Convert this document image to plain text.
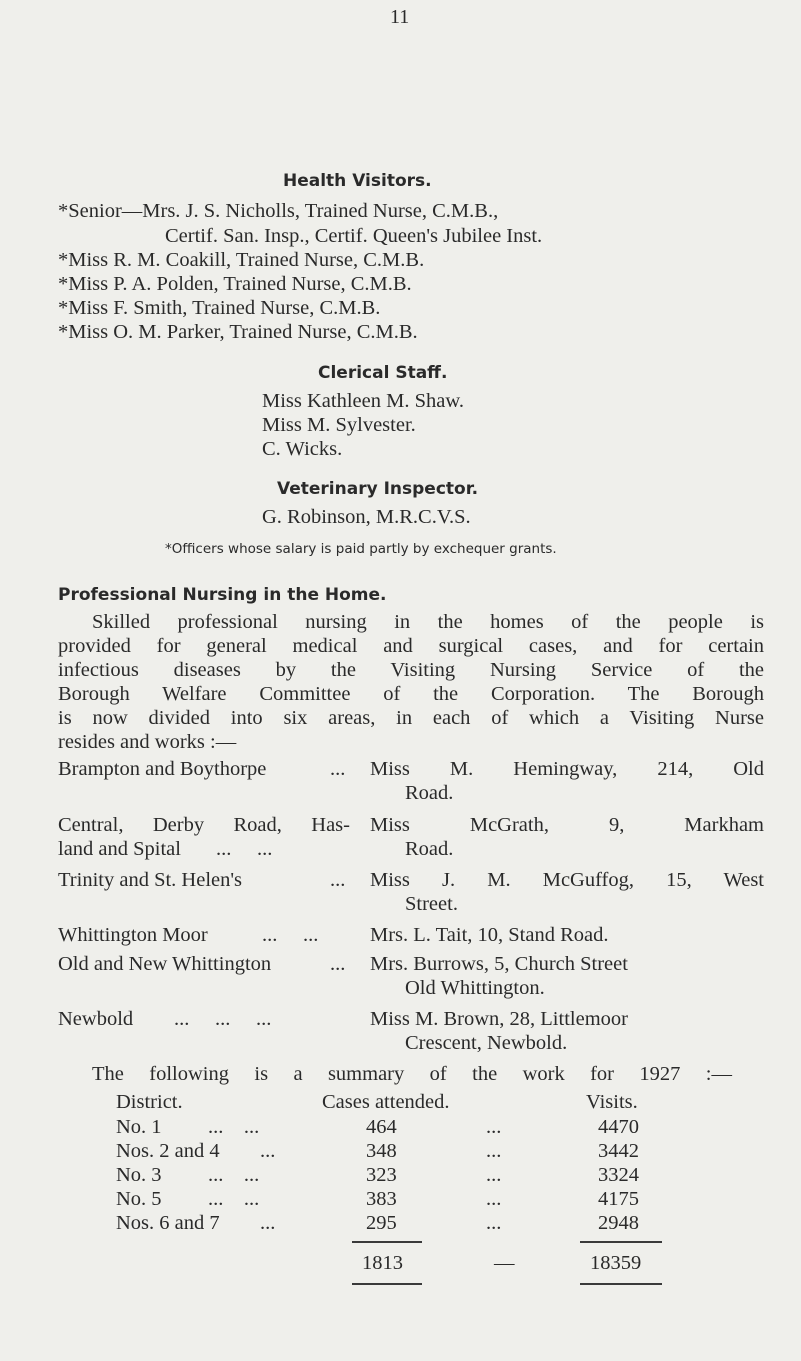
11
Health Visitors.
*Senior—Mrs. J. S. Nicholls, Trained Nurse, C.M.B.,
Certif. San. Insp., Certif. Queen's Jubilee Inst.
*Miss R. M. Coakill, Trained Nurse, C.M.B.
*Miss P. A. Polden, Trained Nurse, C.M.B.
*Miss F. Smith, Trained Nurse, C.M.B.
*Miss O. M. Parker, Trained Nurse, C.M.B.
Clerical Staff.
Miss Kathleen M. Shaw.
Miss M. Sylvester.
C. Wicks.
Veterinary Inspector.
G. Robinson, M.R.C.V.S.
*Officers whose salary is paid partly by exchequer grants.
Professional Nursing in the Home.
Skilled professional nursing in the homes of the people is
provided for general medical and surgical cases, and for certain
infectious diseases by the Visiting Nursing Service of the
Borough Welfare Committee of the Corporation. The Borough
is now divided into six areas, in each of which a Visiting Nurse
resides and works :—
Brampton and Boythorpe	... Miss M. Hemingway, 214, Old
Road.
Central, Derby Road, Has-
land and Spital ...     ...
Miss McGrath, 9, Markham
Road.
Trinity and St. Helen's	... Miss J. M. McGuffog, 15, West
Street.
Whittington Moor	...     ...	Mrs. L. Tait, 10, Stand Road.
Old and New Whittington	... Mrs. Burrows, 5, Church Street
Old Whittington.
Newbold ...     ...     ...	Miss M. Brown, 28, Littlemoor
Crescent, Newbold.
The following is a summary of the work for 1927 :—
District.	Cases attended.	Visits.
No. 1 ...    ...	464	...	4470
Nos. 2 and 4 ...	348	...	3442
No. 3 ...    ...	323	...	3324
No. 5 ...    ...	383	...	4175
Nos. 6 and 7 ...	295	...	2948
1813	—	18359
